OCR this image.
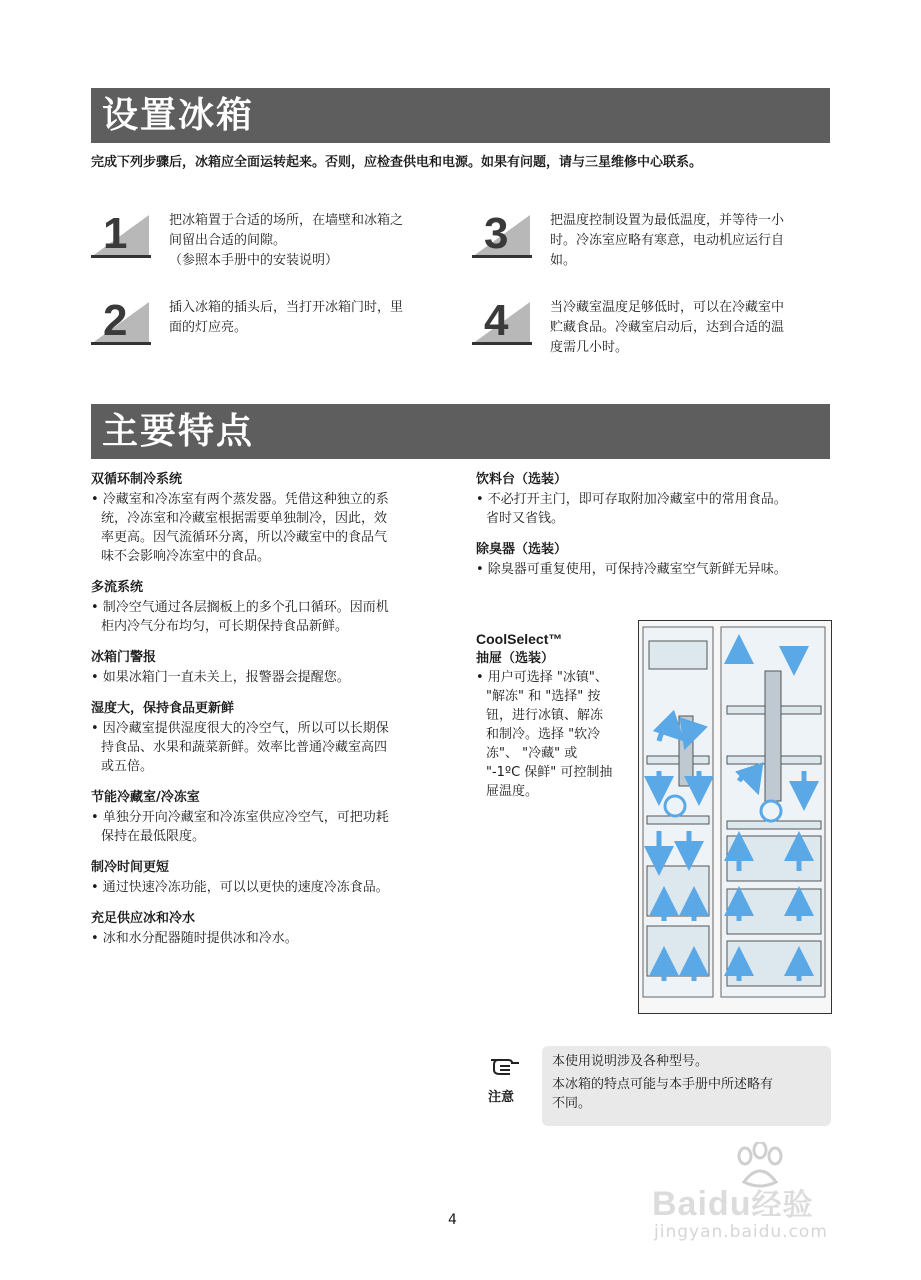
设置冰箱
完成下列步骤后，冰箱应全面运转起来。否则，应检查供电和电源。如果有问题，请与三星维修中心联系。
1	把冰箱置于合适的场所，在墙壁和冰箱之
间留出合适的间隙。
（参照本手册中的安装说明）
2	插入冰箱的插头后，当打开冰箱门时，里
面的灯应亮。
3	把温度控制设置为最低温度，并等待一小
时。冷冻室应略有寒意，电动机应运行自
如。
4	当冷藏室温度足够低时，可以在冷藏室中
贮藏食品。冷藏室启动后，达到合适的温
度需几小时。
主要特点
双循环制冷系统
• 冷藏室和冷冻室有两个蒸发器。凭借这种独立的系
统，冷冻室和冷藏室根据需要单独制冷，因此，效
率更高。因气流循环分离，所以冷藏室中的食品气
味不会影响冷冻室中的食品。
多流系统
• 制冷空气通过各层搁板上的多个孔口循环。因而机
柜内冷气分布均匀，可长期保持食品新鲜。
冰箱门警报
• 如果冰箱门一直未关上，报警器会提醒您。
湿度大，保持食品更新鲜
• 因冷藏室提供湿度很大的冷空气，所以可以长期保
持食品、水果和蔬菜新鲜。效率比普通冷藏室高四
或五倍。
节能冷藏室/冷冻室
• 单独分开向冷藏室和冷冻室供应冷空气，可把功耗
保持在最低限度。
制冷时间更短
• 通过快速冷冻功能，可以以更快的速度冷冻食品。
充足供应冰和冷水
• 冰和水分配器随时提供冰和冷水。
饮料台（选装）
• 不必打开主门，即可存取附加冷藏室中的常用食品。
省时又省钱。
除臭器（选装）
• 除臭器可重复使用，可保持冷藏室空气新鲜无异味。
CoolSelect™
抽屉（选装）
• 用户可选择 "冰镇"、
"解冻" 和 "选择" 按
钮，进行冰镇、解冻
和制冷。选择 "软冷
冻"、 "冷藏" 或
"-1ºC 保鲜" 可控制抽
屉温度。
注意
本使用说明涉及各种型号。
本冰箱的特点可能与本手册中所述略有
不同。
4	Baidu经验
jingyan.baidu.com
